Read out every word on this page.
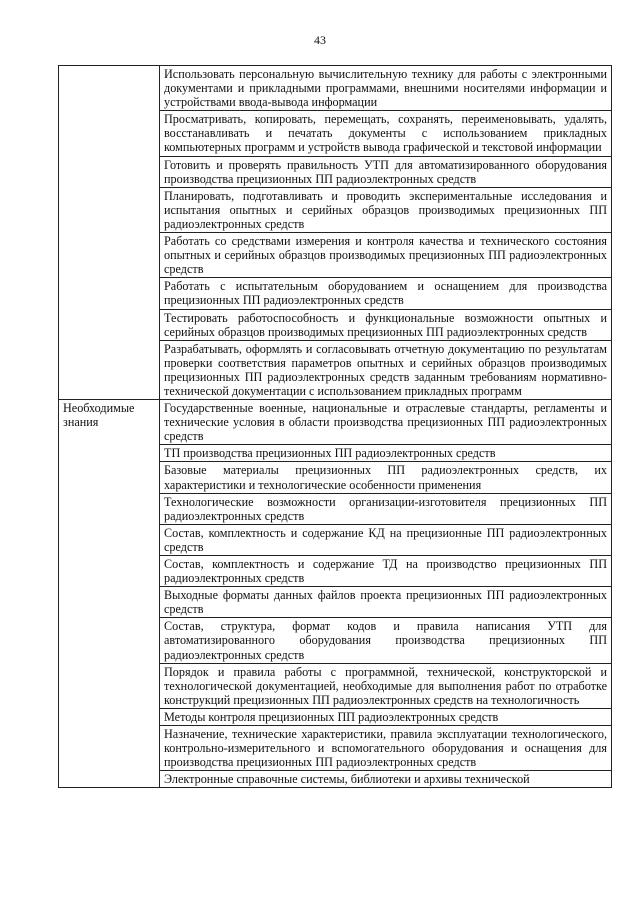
43
	Использовать персональную вычислительную технику для работы с электронными документами и прикладными программами, внешними носителями информации и устройствами ввода-вывода информации
	Просматривать, копировать, перемещать, сохранять, переименовывать, удалять, восстанавливать и печатать документы с использованием прикладных компьютерных программ и устройств вывода графической и текстовой информации
	Готовить и проверять правильность УТП для автоматизированного оборудования производства прецизионных ПП радиоэлектронных средств
	Планировать, подготавливать и проводить экспериментальные исследования и испытания опытных и серийных образцов производимых прецизионных ПП радиоэлектронных средств
	Работать со средствами измерения и контроля качества и технического состояния опытных и серийных образцов производимых прецизионных ПП радиоэлектронных средств
	Работать с испытательным оборудованием и оснащением для производства прецизионных ПП радиоэлектронных средств
	Тестировать работоспособность и функциональные возможности опытных и серийных образцов производимых прецизионных ПП радиоэлектронных средств
	Разрабатывать, оформлять и согласовывать отчетную документацию по результатам проверки соответствия параметров опытных и серийных образцов производимых прецизионных ПП радиоэлектронных средств заданным требованиям нормативно-технической документации с использованием прикладных программ
Необходимые знания	Государственные военные, национальные и отраслевые стандарты, регламенты и технические условия в области производства прецизионных ПП радиоэлектронных средств
	ТП производства прецизионных ПП радиоэлектронных средств
	Базовые материалы прецизионных ПП радиоэлектронных средств, их характеристики и технологические особенности применения
	Технологические возможности организации-изготовителя прецизионных ПП радиоэлектронных средств
	Состав, комплектность и содержание КД на прецизионные ПП радиоэлектронных средств
	Состав, комплектность и содержание ТД на производство прецизионных ПП радиоэлектронных средств
	Выходные форматы данных файлов проекта прецизионных ПП радиоэлектронных средств
	Состав, структура, формат кодов и правила написания УТП для автоматизированного оборудования производства прецизионных ПП радиоэлектронных средств
	Порядок и правила работы с программной, технической, конструкторской и технологической документацией, необходимые для выполнения работ по отработке конструкций прецизионных ПП радиоэлектронных средств на технологичность
	Методы контроля прецизионных ПП радиоэлектронных средств
	Назначение, технические характеристики, правила эксплуатации технологического, контрольно-измерительного и вспомогательного оборудования и оснащения для производства прецизионных ПП радиоэлектронных средств
	Электронные справочные системы, библиотеки и архивы технической
